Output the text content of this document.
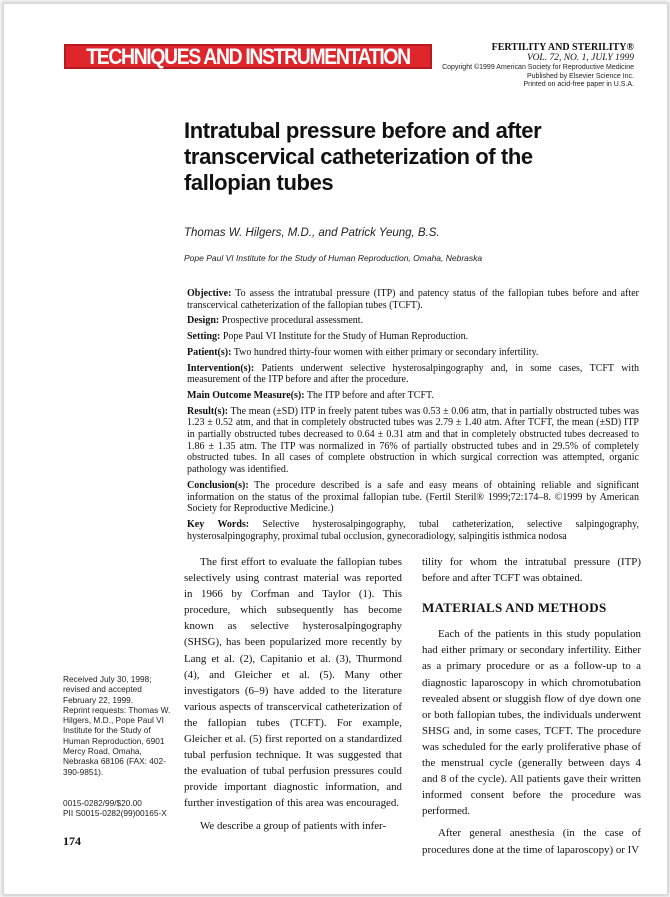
TECHNIQUES AND INSTRUMENTATION	FERTILITY AND STERILITY®
VOL. 72, NO. 1, JULY 1999
Copyright ©1999 American Society for Reproductive Medicine
Published by Elsevier Science Inc.
Printed on acid-free paper in U.S.A.
Intratubal pressure before and after
transcervical catheterization of the
fallopian tubes
Thomas W. Hilgers, M.D., and Patrick Yeung, B.S.
Pope Paul VI Institute for the Study of Human Reproduction, Omaha, Nebraska

Objective: To assess the intratubal pressure (ITP) and patency status of the fallopian tubes before and after transcervical catheterization of the fallopian tubes (TCFT).

Design: Prospective procedural assessment.

Setting: Pope Paul VI Institute for the Study of Human Reproduction.

Patient(s): Two hundred thirty-four women with either primary or secondary infertility.

Intervention(s): Patients underwent selective hysterosalpingography and, in some cases, TCFT with measurement of the ITP before and after the procedure.

Main Outcome Measure(s): The ITP before and after TCFT.

Result(s): The mean (±SD) ITP in freely patent tubes was 0.53 ± 0.06 atm, that in partially obstructed tubes was 1.23 ± 0.52 atm, and that in completely obstructed tubes was 2.79 ± 1.40 atm. After TCFT, the mean (±SD) ITP in partially obstructed tubes decreased to 0.64 ± 0.31 atm and that in completely obstructed tubes decreased to 1.86 ± 1.35 atm. The ITP was normalized in 76% of partially obstructed tubes and in 29.5% of completely obstructed tubes. In all cases of complete obstruction in which surgical correction was attempted, organic pathology was identified.

Conclusion(s): The procedure described is a safe and easy means of obtaining reliable and significant information on the status of the proximal fallopian tube. (Fertil Steril® 1999;72:174–8. ©1999 by American Society for Reproductive Medicine.)

Key Words: Selective hysterosalpingography, tubal catheterization, selective salpingography, hysterosalpingography, proximal tubal occlusion, gynecoradiology, salpingitis isthmica nodosa

The first effort to evaluate the fallopian tubes selectively using contrast material was reported in 1966 by Corfman and Taylor (1). This procedure, which subsequently has become known as selective hysterosalpingography (SHSG), has been popularized more recently by Lang et al. (2), Capitanio et al. (3), Thurmond (4), and Gleicher et al. (5). Many other investigators (6–9) have added to the literature various aspects of transcervical catheterization of the fallopian tubes (TCFT). For example, Gleicher et al. (5) first reported on a standardized tubal perfusion technique. It was suggested that the evaluation of tubal perfusion pressures could provide important diagnostic information, and further investigation of this area was encouraged.

We describe a group of patients with infer-

tility for whom the intratubal pressure (ITP) before and after TCFT was obtained.

MATERIALS AND METHODS

Each of the patients in this study population had either primary or secondary infertility. Either as a primary procedure or as a follow-up to a diagnostic laparoscopy in which chromotubation revealed absent or sluggish flow of dye down one or both fallopian tubes, the individuals underwent SHSG and, in some cases, TCFT. The procedure was scheduled for the early proliferative phase of the menstrual cycle (generally between days 4 and 8 of the cycle). All patients gave their written informed consent before the procedure was performed.

After general anesthesia (in the case of procedures done at the time of laparoscopy) or IV

Received July 30, 1998; revised and accepted February 22, 1999.

Reprint requests: Thomas W. Hilgers, M.D., Pope Paul VI Institute for the Study of Human Reproduction, 6901 Mercy Road, Omaha, Nebraska 68106 (FAX: 402-390-9851).

0015-0282/99/$20.00
PII S0015-0282(99)00165-X
174
